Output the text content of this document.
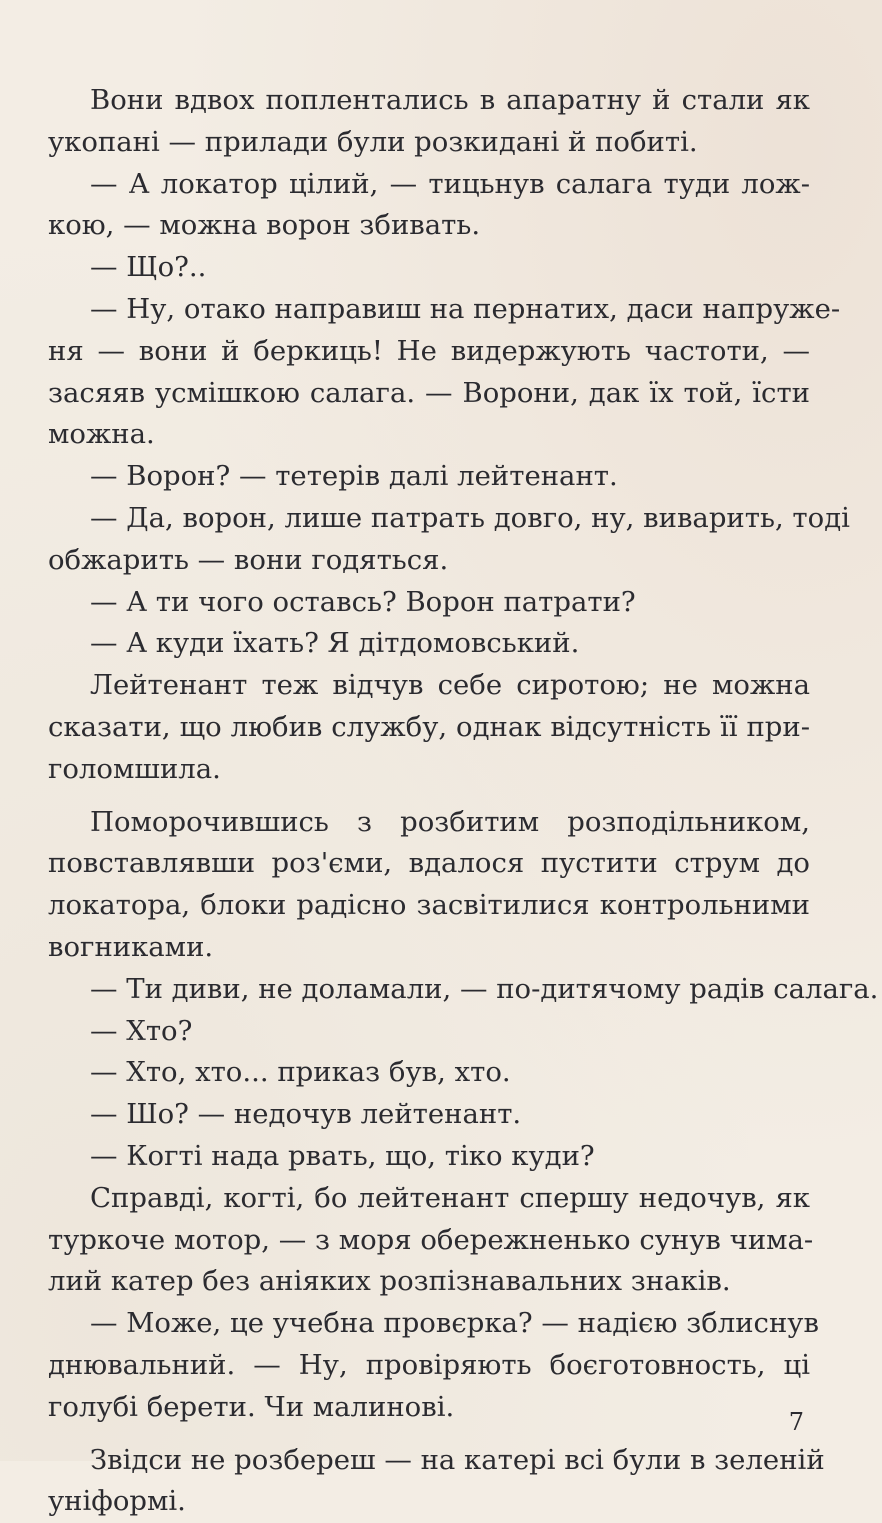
Вони вдвох поплентались в апаратну й стали як
укопані — прилади були розкидані й побиті.
— А локатор цілий, — тицьнув салага туди лож-
кою, — можна ворон збивать.
— Що?..
— Ну, отако направиш на пернатих, даси напруже-
ня — вони й беркиць! Не видержують частоти, —
засяяв усмішкою салага. — Ворони, дак їх той, їсти
можна.
— Ворон? — тетерів далі лейтенант.
— Да, ворон, лише патрать довго, ну, виварить, тоді
обжарить — вони годяться.
— А ти чого оставсь? Ворон патрати?
— А куди їхать? Я дітдомовський.
Лейтенант теж відчув себе сиротою; не можна
сказати, що любив службу, однак відсутність її при-
голомшила.
Поморочившись з розбитим розподільником,
повставлявши роз'єми, вдалося пустити струм до
локатора, блоки радісно засвітилися контрольними
вогниками.
— Ти диви, не доламали, — по-дитячому радів салага.
— Хто?
— Хто, хто... приказ був, хто.
— Шо? — недочув лейтенант.
— Когті нада рвать, що, тіко куди?
Справді, когті, бо лейтенант спершу недочув, як
туркоче мотор, — з моря обережненько сунув чима-
лий катер без аніяких розпізнавальних знаків.
— Може, це учебна провєрка? — надією зблиснув
днювальний. — Ну, провіряють боєготовность, ці
голубі берети. Чи малинові.
Звідси не розбереш — на катері всі були в зеленій
уніформі.
7
